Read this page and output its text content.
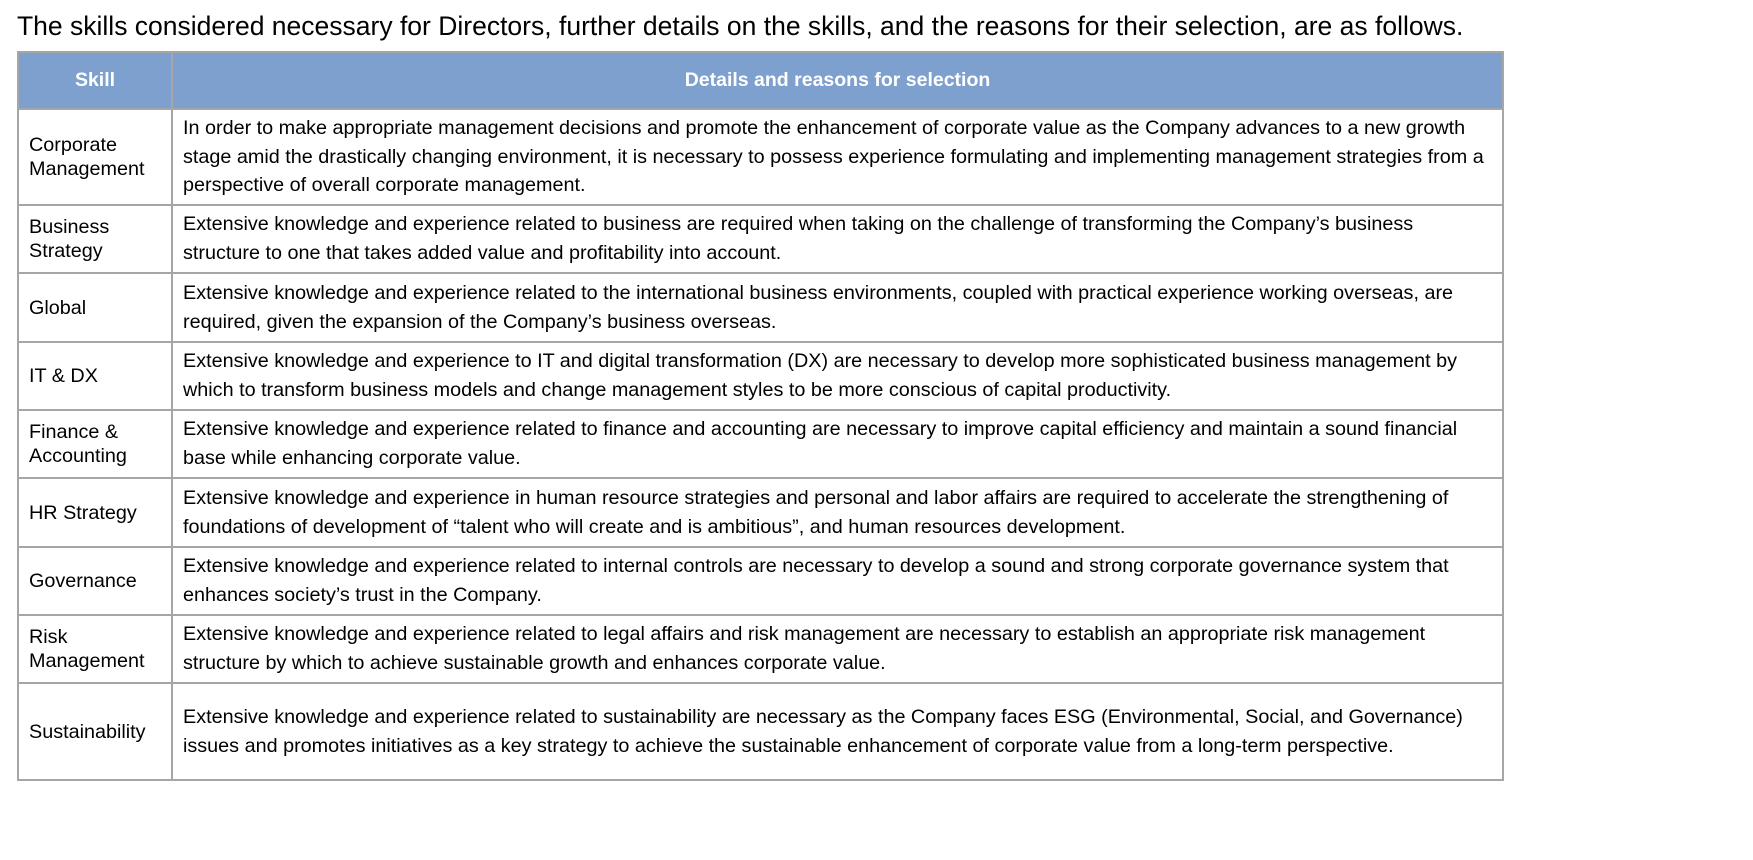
The skills considered necessary for Directors, further details on the skills, and the reasons for their selection, are as follows.

Skill	Details and reasons for selection
Corporate Management	In order to make appropriate management decisions and promote the enhancement of corporate value as the Company advances to a new growth stage amid the drastically changing environment, it is necessary to possess experience formulating and implementing management strategies from a perspective of overall corporate management.
Business Strategy	Extensive knowledge and experience related to business are required when taking on the challenge of transforming the Company’s business structure to one that takes added value and profitability into account.
Global	Extensive knowledge and experience related to the international business environments, coupled with practical experience working overseas, are required, given the expansion of the Company’s business overseas.
IT & DX	Extensive knowledge and experience to IT and digital transformation (DX) are necessary to develop more sophisticated business management by which to transform business models and change management styles to be more conscious of capital productivity.
Finance & Accounting	Extensive knowledge and experience related to finance and accounting are necessary to improve capital efficiency and maintain a sound financial base while enhancing corporate value.
HR Strategy	Extensive knowledge and experience in human resource strategies and personal and labor affairs are required to accelerate the strengthening of foundations of development of “talent who will create and is ambitious”, and human resources development.
Governance	Extensive knowledge and experience related to internal controls are necessary to develop a sound and strong corporate governance system that enhances society’s trust in the Company.
Risk Management	Extensive knowledge and experience related to legal affairs and risk management are necessary to establish an appropriate risk management structure by which to achieve sustainable growth and enhances corporate value.
Sustainability	Extensive knowledge and experience related to sustainability are necessary as the Company faces ESG (Environmental, Social, and Governance) issues and promotes initiatives as a key strategy to achieve the sustainable enhancement of corporate value from a long-term perspective.
